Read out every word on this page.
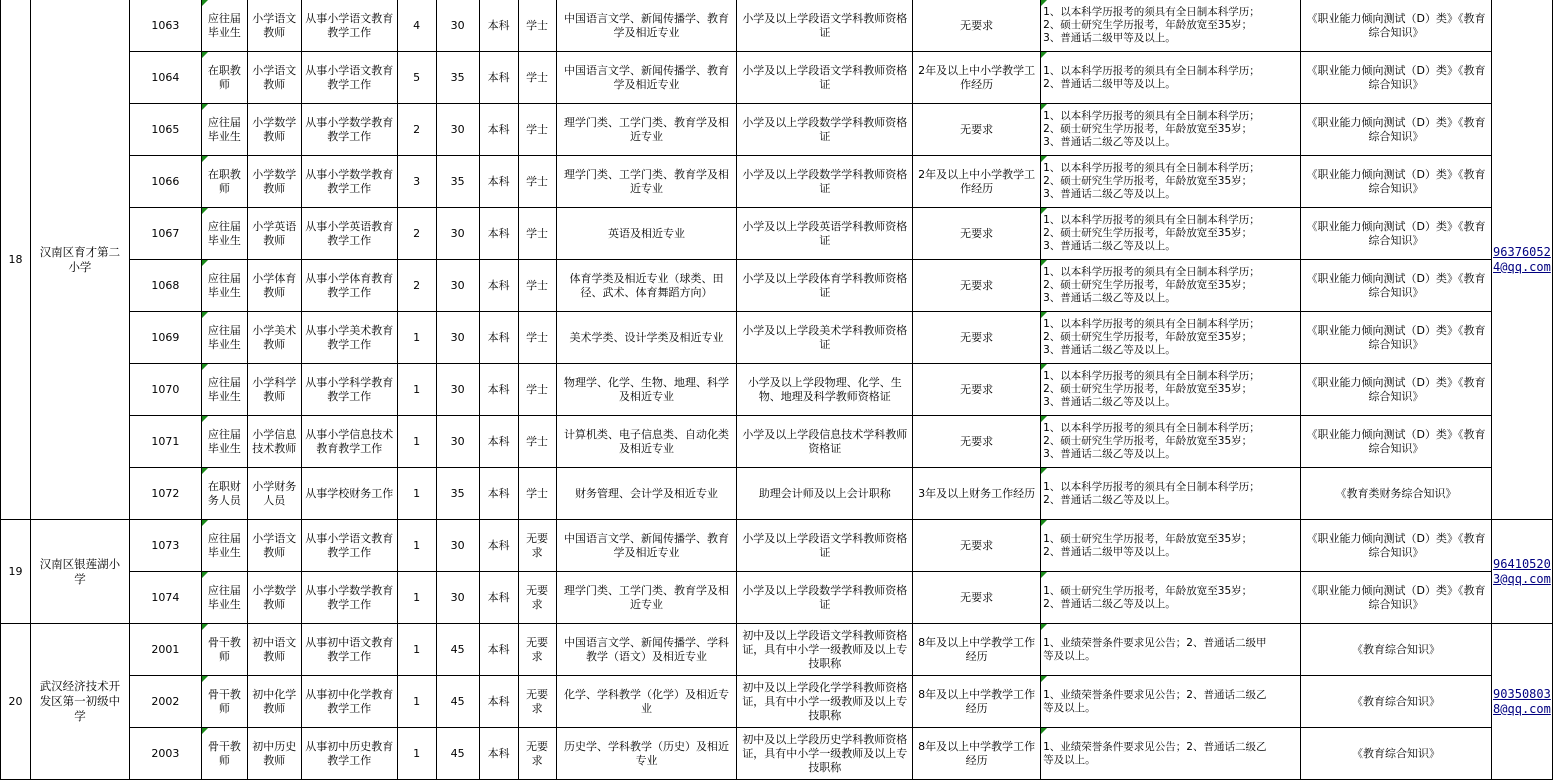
18	汉南区育才第二小学	1063	应往届毕业生	小学语文教师	从事小学语文教育教学工作	4	30	本科	学士	中国语言文学、新闻传播学、教育学及相近专业	小学及以上学段语文学科教师资格证	无要求	1、以本科学历报考的须具有全日制本科学历；
2、硕士研究生学历报考，年龄放宽至35岁；
3、普通话二级甲等及以上。	《职业能力倾向测试（D）类》《教育综合知识》	963760524@qq.com
		1064	在职教师	小学语文教师	从事小学语文教育教学工作	5	35	本科	学士	中国语言文学、新闻传播学、教育学及相近专业	小学及以上学段语文学科教师资格证	2年及以上中小学教学工作经历	1、以本科学历报考的须具有全日制本科学历；
2、普通话二级甲等及以上。	《职业能力倾向测试（D）类》《教育综合知识》	
		1065	应往届毕业生	小学数学教师	从事小学数学教育教学工作	2	30	本科	学士	理学门类、工学门类、教育学及相近专业	小学及以上学段数学学科教师资格证	无要求	1、以本科学历报考的须具有全日制本科学历；
2、硕士研究生学历报考，年龄放宽至35岁；
3、普通话二级乙等及以上。	《职业能力倾向测试（D）类》《教育综合知识》	
		1066	在职教师	小学数学教师	从事小学数学教育教学工作	3	35	本科	学士	理学门类、工学门类、教育学及相近专业	小学及以上学段数学学科教师资格证	2年及以上中小学教学工作经历	1、以本科学历报考的须具有全日制本科学历；
2、硕士研究生学历报考，年龄放宽至35岁；
3、普通话二级乙等及以上。	《职业能力倾向测试（D）类》《教育综合知识》	
		1067	应往届毕业生	小学英语教师	从事小学英语教育教学工作	2	30	本科	学士	英语及相近专业	小学及以上学段英语学科教师资格证	无要求	1、以本科学历报考的须具有全日制本科学历；
2、硕士研究生学历报考，年龄放宽至35岁；
3、普通话二级乙等及以上。	《职业能力倾向测试（D）类》《教育综合知识》	
		1068	应往届毕业生	小学体育教师	从事小学体育教育教学工作	2	30	本科	学士	体育学类及相近专业（球类、田径、武术、体育舞蹈方向）	小学及以上学段体育学科教师资格证	无要求	1、以本科学历报考的须具有全日制本科学历；
2、硕士研究生学历报考，年龄放宽至35岁；
3、普通话二级乙等及以上。	《职业能力倾向测试（D）类》《教育综合知识》	
		1069	应往届毕业生	小学美术教师	从事小学美术教育教学工作	1	30	本科	学士	美术学类、设计学类及相近专业	小学及以上学段美术学科教师资格证	无要求	1、以本科学历报考的须具有全日制本科学历；
2、硕士研究生学历报考，年龄放宽至35岁；
3、普通话二级乙等及以上。	《职业能力倾向测试（D）类》《教育综合知识》	
		1070	应往届毕业生	小学科学教师	从事小学科学教育教学工作	1	30	本科	学士	物理学、化学、生物、地理、科学及相近专业	小学及以上学段物理、化学、生物、地理及科学教师资格证	无要求	1、以本科学历报考的须具有全日制本科学历；
2、硕士研究生学历报考，年龄放宽至35岁；
3、普通话二级乙等及以上。	《职业能力倾向测试（D）类》《教育综合知识》	
		1071	应往届毕业生	小学信息技术教师	从事小学信息技术教育教学工作	1	30	本科	学士	计算机类、电子信息类、自动化类及相近专业	小学及以上学段信息技术学科教师资格证	无要求	1、以本科学历报考的须具有全日制本科学历；
2、硕士研究生学历报考，年龄放宽至35岁；
3、普通话二级乙等及以上。	《职业能力倾向测试（D）类》《教育综合知识》	
		1072	在职财务人员	小学财务人员	从事学校财务工作	1	35	本科	学士	财务管理、会计学及相近专业	助理会计师及以上会计职称	3年及以上财务工作经历	1、以本科学历报考的须具有全日制本科学历；
2、普通话二级乙等及以上。	《教育类财务综合知识》	
19	汉南区银莲湖小学	1073	应往届毕业生	小学语文教师	从事小学语文教育教学工作	1	30	本科	无要求	中国语言文学、新闻传播学、教育学及相近专业	小学及以上学段语文学科教师资格证	无要求	1、硕士研究生学历报考，年龄放宽至35岁；
2、普通话二级甲等及以上。	《职业能力倾向测试（D）类》《教育综合知识》	964105203@qq.com
		1074	应往届毕业生	小学数学教师	从事小学数学教育教学工作	1	30	本科	无要求	理学门类、工学门类、教育学及相近专业	小学及以上学段数学学科教师资格证	无要求	1、硕士研究生学历报考，年龄放宽至35岁；
2、普通话二级乙等及以上。	《职业能力倾向测试（D）类》《教育综合知识》	
20	武汉经济技术开发区第一初级中学	2001	骨干教师	初中语文教师	从事初中语文教育教学工作	1	45	本科	无要求	中国语言文学、新闻传播学、学科教学（语文）及相近专业	初中及以上学段语文学科教师资格证，具有中小学一级教师及以上专技职称	8年及以上中学教学工作经历	1、业绩荣誉条件要求见公告；2、普通话二级甲
等及以上。	《教育综合知识》	903508038@qq.com
		2002	骨干教师	初中化学教师	从事初中化学教育教学工作	1	45	本科	无要求	化学、学科教学（化学）及相近专业	初中及以上学段化学学科教师资格证，具有中小学一级教师及以上专技职称	8年及以上中学教学工作经历	1、业绩荣誉条件要求见公告；2、普通话二级乙
等及以上。	《教育综合知识》	
		2003	骨干教师	初中历史教师	从事初中历史教育教学工作	1	45	本科	无要求	历史学、学科教学（历史）及相近专业	初中及以上学段历史学科教师资格证，具有中小学一级教师及以上专技职称	8年及以上中学教学工作经历	1、业绩荣誉条件要求见公告；2、普通话二级乙
等及以上。	《教育综合知识》	
